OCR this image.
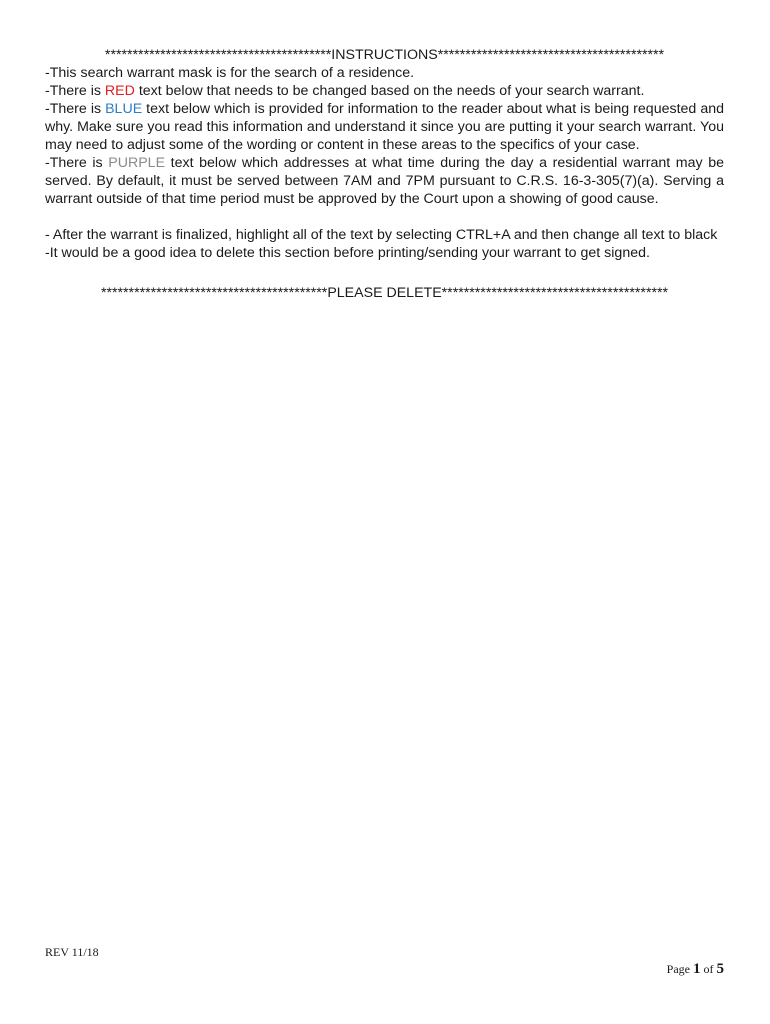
*****************************************INSTRUCTIONS*****************************************

-This search warrant mask is for the search of a residence.

-There is RED text below that needs to be changed based on the needs of your search warrant.

-There is BLUE text below which is provided for information to the reader about what is being requested and why. Make sure you read this information and understand it since you are putting it your search warrant. You may need to adjust some of the wording or content in these areas to the specifics of your case.

-There is PURPLE text below which addresses at what time during the day a residential warrant may be served. By default, it must be served between 7AM and 7PM pursuant to C.R.S. 16-3-305(7)(a). Serving a warrant outside of that time period must be approved by the Court upon a showing of good cause.

- After the warrant is finalized, highlight all of the text by selecting CTRL+A and then change all text to black

-It would be a good idea to delete this section before printing/sending your warrant to get signed.

*****************************************PLEASE DELETE*****************************************
REV 11/18
Page 1 of 5
